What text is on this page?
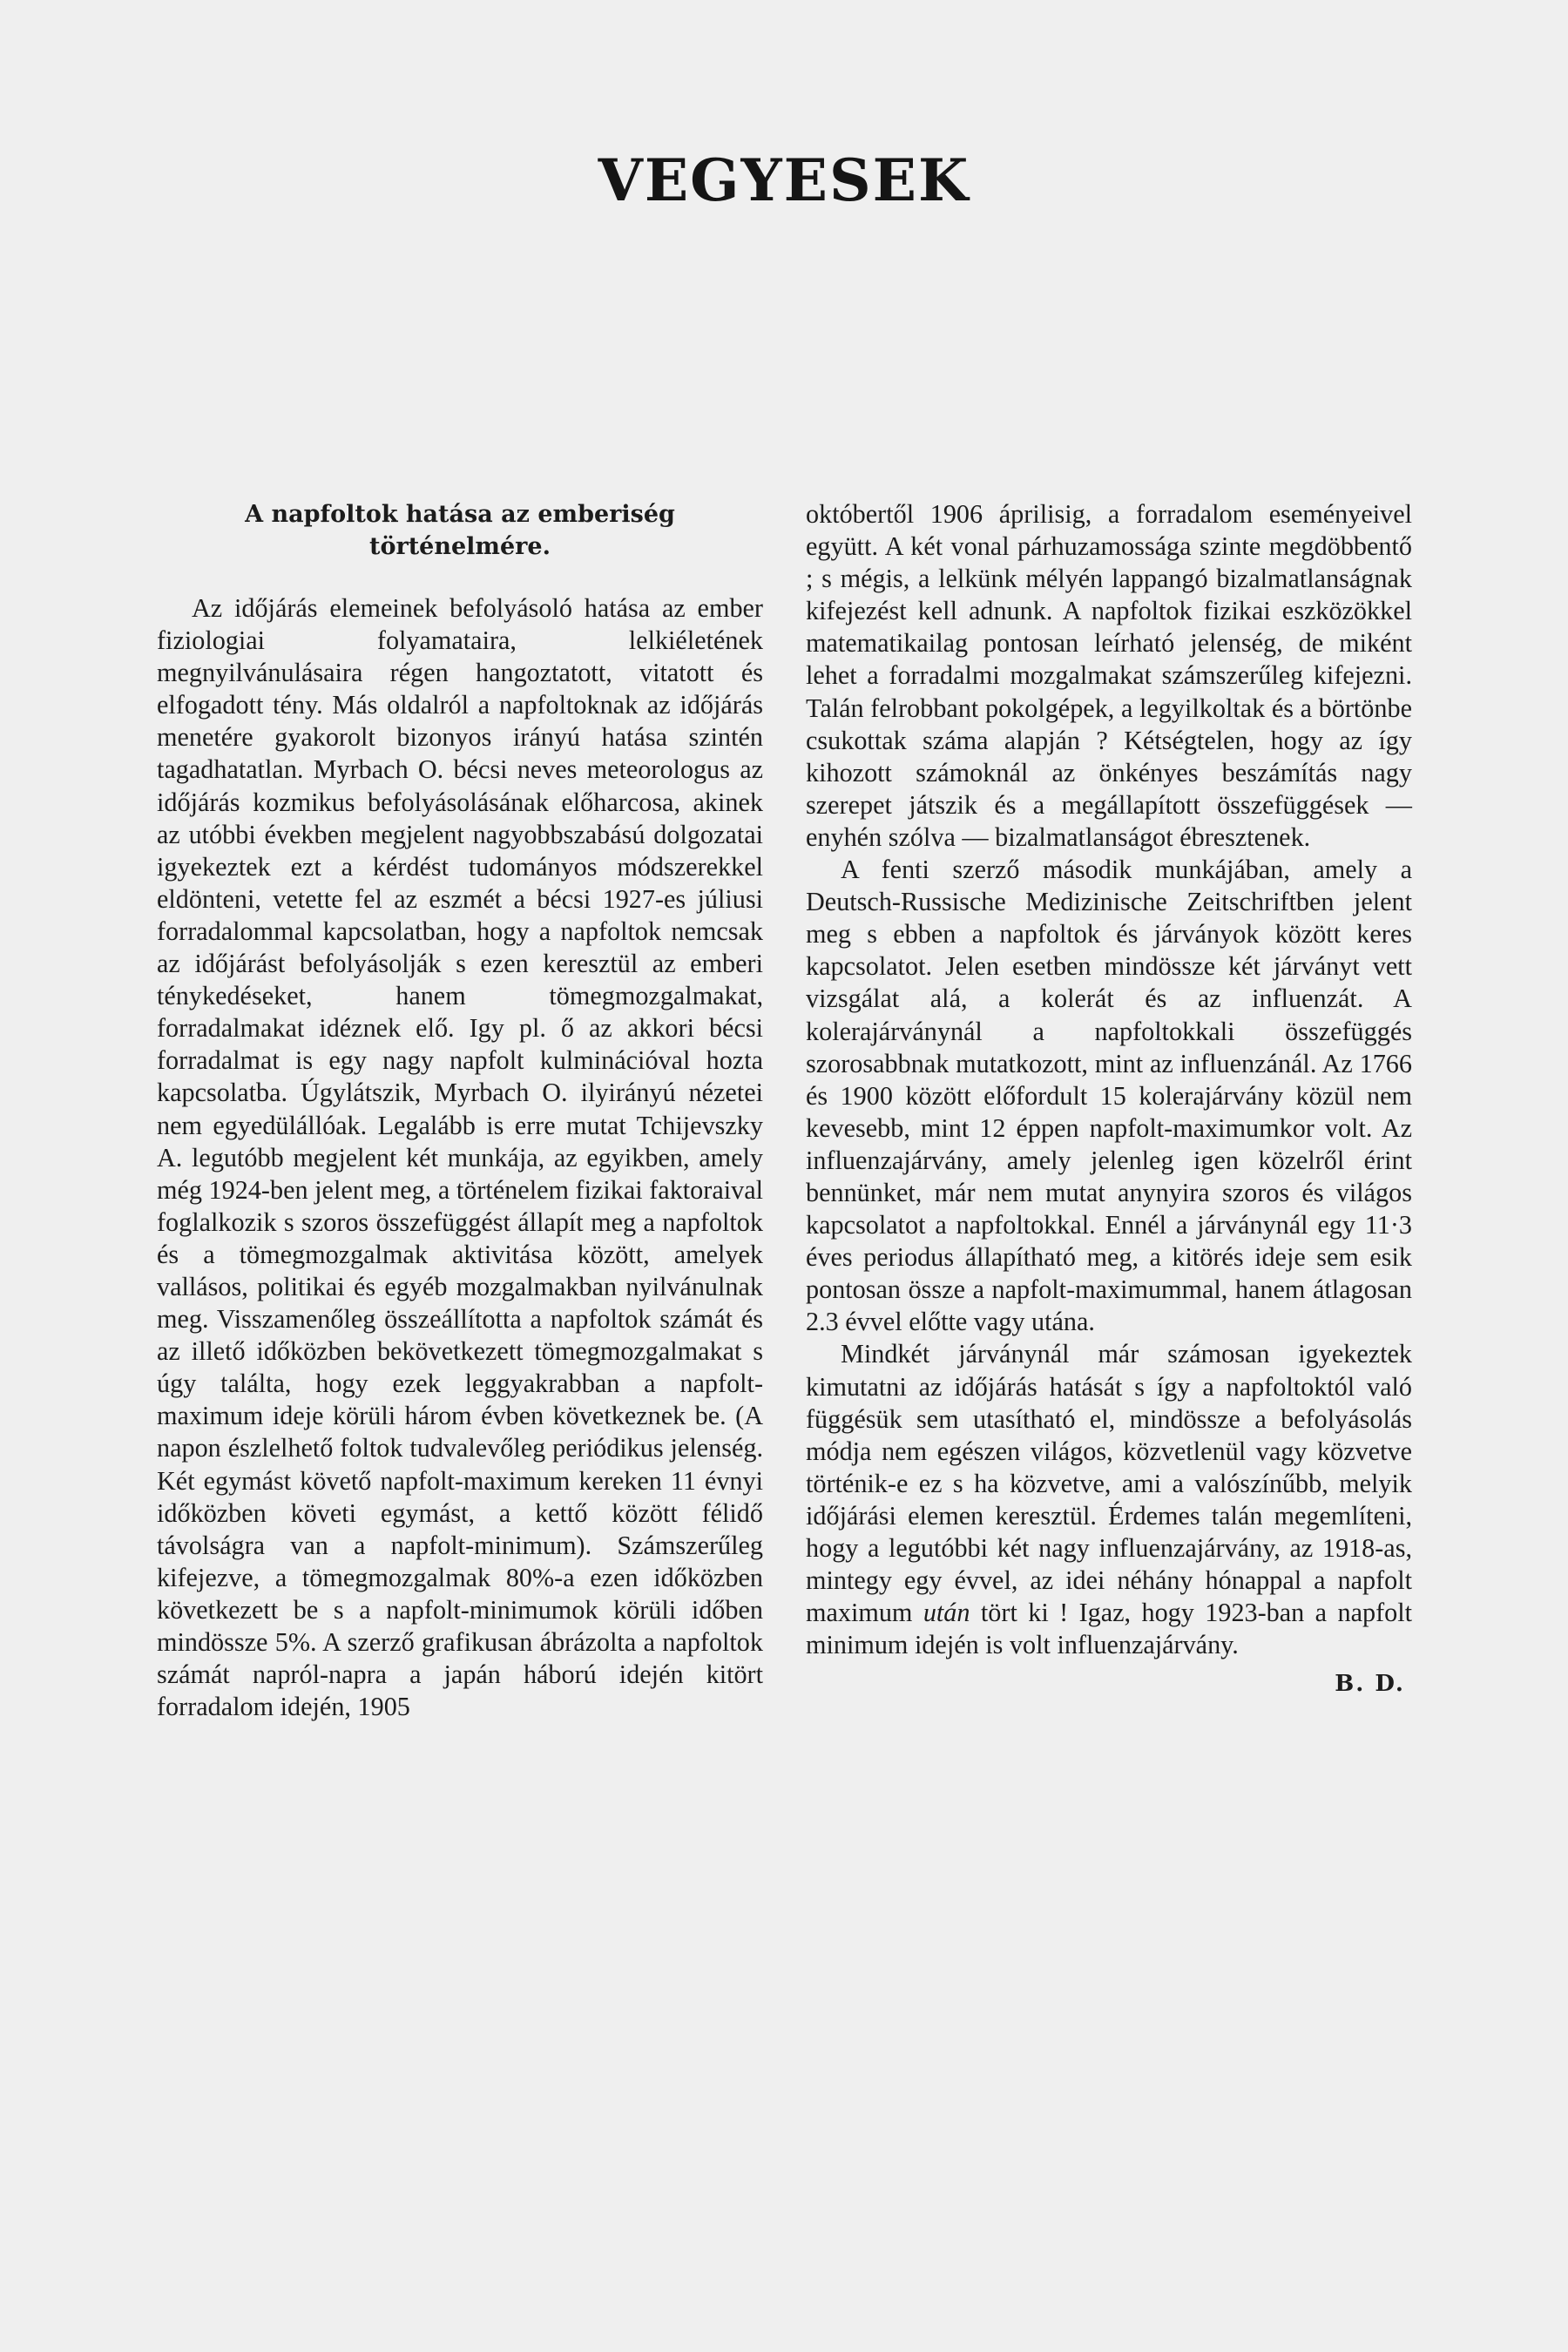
VEGYESEK
A napfoltok hatása az emberiség történelmére.

Az időjárás elemeinek befolyásoló hatása az ember fiziologiai folyamataira, lelkiéletének megnyilvánulásaira régen hangoztatott, vitatott és elfogadott tény. Más oldalról a napfoltoknak az időjárás menetére gyakorolt bizonyos irányú hatása szintén tagadhatatlan. Myrbach O. bécsi neves meteorologus az időjárás kozmikus befolyásolásának előharcosa, akinek az utóbbi években megjelent nagyobbszabású dolgozatai igyekeztek ezt a kérdést tudományos módszerekkel eldönteni, vetette fel az eszmét a bécsi 1927-es júliusi forradalommal kapcsolatban, hogy a napfoltok nemcsak az időjárást befolyásolják s ezen keresztül az emberi ténykedéseket, hanem tömegmozgalmakat, forradalmakat idéznek elő. Igy pl. ő az akkori bécsi forradalmat is egy nagy napfolt kulminációval hozta kapcsolatba. Úgylátszik, Myrbach O. ilyirányú nézetei nem egyedülállóak. Legalább is erre mutat Tchijevszky A. legutóbb megjelent két munkája, az egyikben, amely még 1924-ben jelent meg, a történelem fizikai faktoraival foglalkozik s szoros összefüggést állapít meg a napfoltok és a tömegmozgalmak aktivitása között, amelyek vallásos, politikai és egyéb mozgalmakban nyilvánulnak meg. Visszamenőleg összeállította a napfoltok számát és az illető időközben bekövetkezett tömegmozgalmakat s úgy találta, hogy ezek leggyakrabban a napfolt-maximum ideje körüli három évben következnek be. (A napon észlelhető foltok tudvalevőleg periódikus jelenség. Két egymást követő napfolt-maximum kereken 11 évnyi időközben követi egymást, a kettő között félidő távolságra van a napfolt-minimum). Számszerűleg kifejezve, a tömegmozgalmak 80%-a ezen időközben következett be s a napfolt-minimumok körüli időben mindössze 5%. A szerző grafikusan ábrázolta a napfoltok számát napról-napra a japán háború idején kitört forradalom idején, 1905

októbertől 1906 áprilisig, a forradalom eseményeivel együtt. A két vonal párhuzamossága szinte megdöbbentő ; s mégis, a lelkünk mélyén lappangó bizalmatlanságnak kifejezést kell adnunk. A napfoltok fizikai eszközökkel matematikailag pontosan leírható jelenség, de miként lehet a forradalmi mozgalmakat számszerűleg kifejezni. Talán felrobbant pokolgépek, a legyilkoltak és a börtönbe csukottak száma alapján ? Kétségtelen, hogy az így kihozott számoknál az önkényes beszámítás nagy szerepet játszik és a megállapított összefüggések — enyhén szólva — bizalmatlanságot ébresztenek.

A fenti szerző második munkájában, amely a Deutsch-Russische Medizinische Zeitschriftben jelent meg s ebben a napfoltok és járványok között keres kapcsolatot. Jelen esetben mindössze két járványt vett vizsgálat alá, a kolerát és az influenzát. A kolerajárványnál a napfoltokkali összefüggés szorosabbnak mutatkozott, mint az influenzánál. Az 1766 és 1900 között előfordult 15 kolerajárvány közül nem kevesebb, mint 12 éppen napfolt-maximumkor volt. Az influenzajárvány, amely jelenleg igen közelről érint bennünket, már nem mutat anynyira szoros és világos kapcsolatot a napfoltokkal. Ennél a járványnál egy 11·3 éves periodus állapítható meg, a kitörés ideje sem esik pontosan össze a napfolt-maximummal, hanem átlagosan 2.3 évvel előtte vagy utána.

Mindkét járványnál már számosan igyekeztek kimutatni az időjárás hatását s így a napfoltoktól való függésük sem utasítható el, mindössze a befolyásolás módja nem egészen világos, közvetlenül vagy közvetve történik-e ez s ha közvetve, ami a valószínűbb, melyik időjárási elemen keresztül. Érdemes talán megemlíteni, hogy a legutóbbi két nagy influenzajárvány, az 1918-as, mintegy egy évvel, az idei néhány hónappal a napfolt maximum után tört ki ! Igaz, hogy 1923-ban a napfolt minimum idején is volt influenzajárvány.

B. D.
